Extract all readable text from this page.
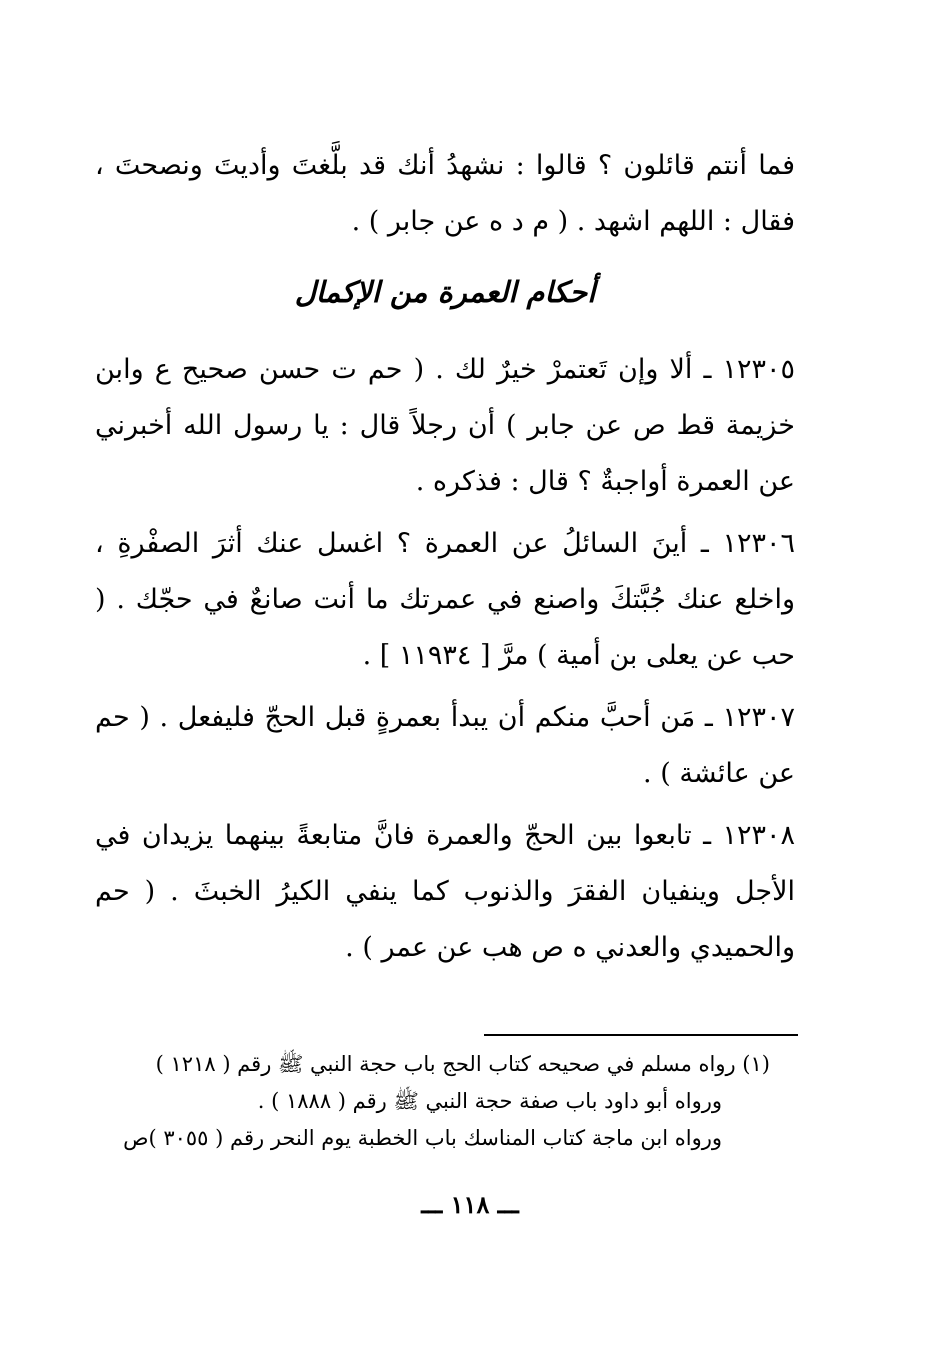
فما أنتم قائلون ؟ قالوا : نشهدُ أنك قد بلَّغتَ وأديتَ ونصحتَ ، فقال : اللهم اشهد . ( م د ه عن جابر ) .

أحكام العمرة من الإكمال

١٢٣٠٥ ـ ألا وإن تَعتمرْ خيرٌ لك . ( حم ت حسن صحيح ع وابن خزيمة قط ص عن جابر ) أن رجلاً قال : يا رسول الله أخبرني عن العمرة أواجبةٌ ؟ قال : فذكره .

١٢٣٠٦ ـ أينَ السائلُ عن العمرة ؟ اغسل عنك أثرَ الصفْرةِ ، واخلع عنك جُبَّتكَ واصنع في عمرتك ما أنت صانعٌ في حجّك . ( حب عن يعلى بن أمية ) مرَّ [ ١١٩٣٤ ] .

١٢٣٠٧ ـ مَن أحبَّ منكم أن يبدأ بعمرةٍ قبل الحجّ فليفعل . ( حم عن عائشة ) .

١٢٣٠٨ ـ تابعوا بين الحجّ والعمرة فانَّ متابعةً بينهما يزيدان في الأجل وينفيان الفقرَ والذنوب كما ينفي الكيرُ الخبثَ . ( حم والحميدي والعدني ه ص هب عن عمر ) .

(١) رواه مسلم في صحيحه كتاب الحج باب حجة النبي ﷺ رقم ( ١٢١٨ )
ورواه أبو داود باب صفة حجة النبي ﷺ رقم ( ١٨٨٨ ) .
ورواه ابن ماجة كتاب المناسك باب الخطبة يوم النحر رقم ( ٣٠٥٥ )ص
ـــ ١١٨ ـــ
